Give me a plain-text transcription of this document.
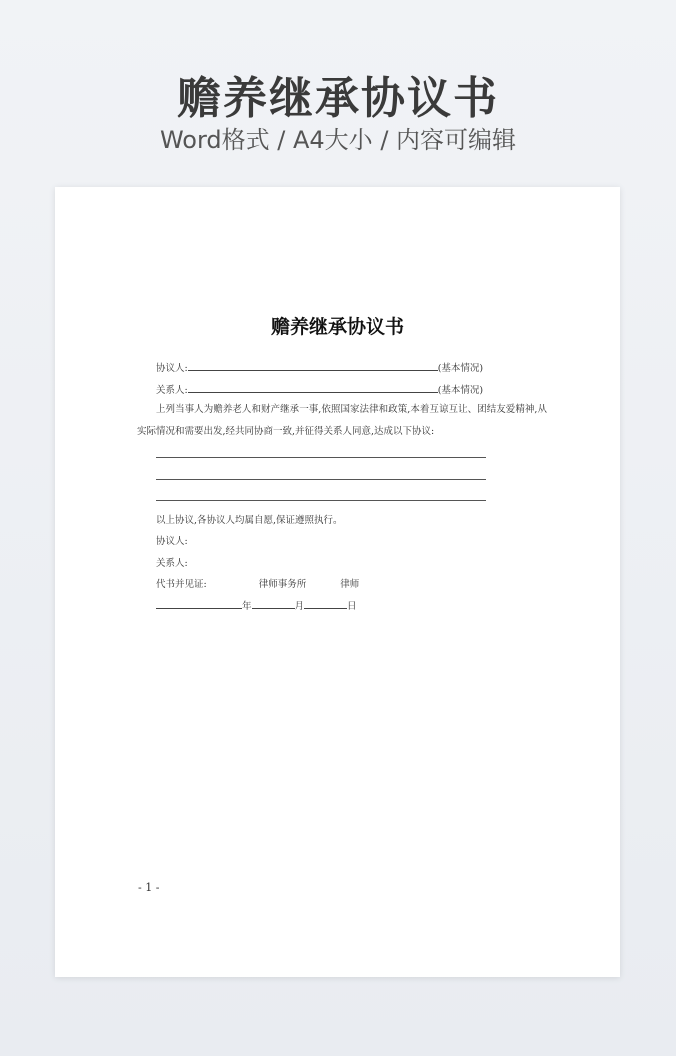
赡养继承协议书
Word格式 / A4大小 / 内容可编辑
赡养继承协议书
协议人:	(基本情况)
关系人:	(基本情况)
上列当事人为赡养老人和财产继承一事,依照国家法律和政策,本着互谅互让、团结友爱精神,从实际情况和需要出发,经共同协商一致,并征得关系人同意,达成以下协议:
以上协议,各协议人均属自愿,保证遵照执行。
协议人:
关系人:
代书并见证:	律师事务所	律师
年	月	日
- 1 -
